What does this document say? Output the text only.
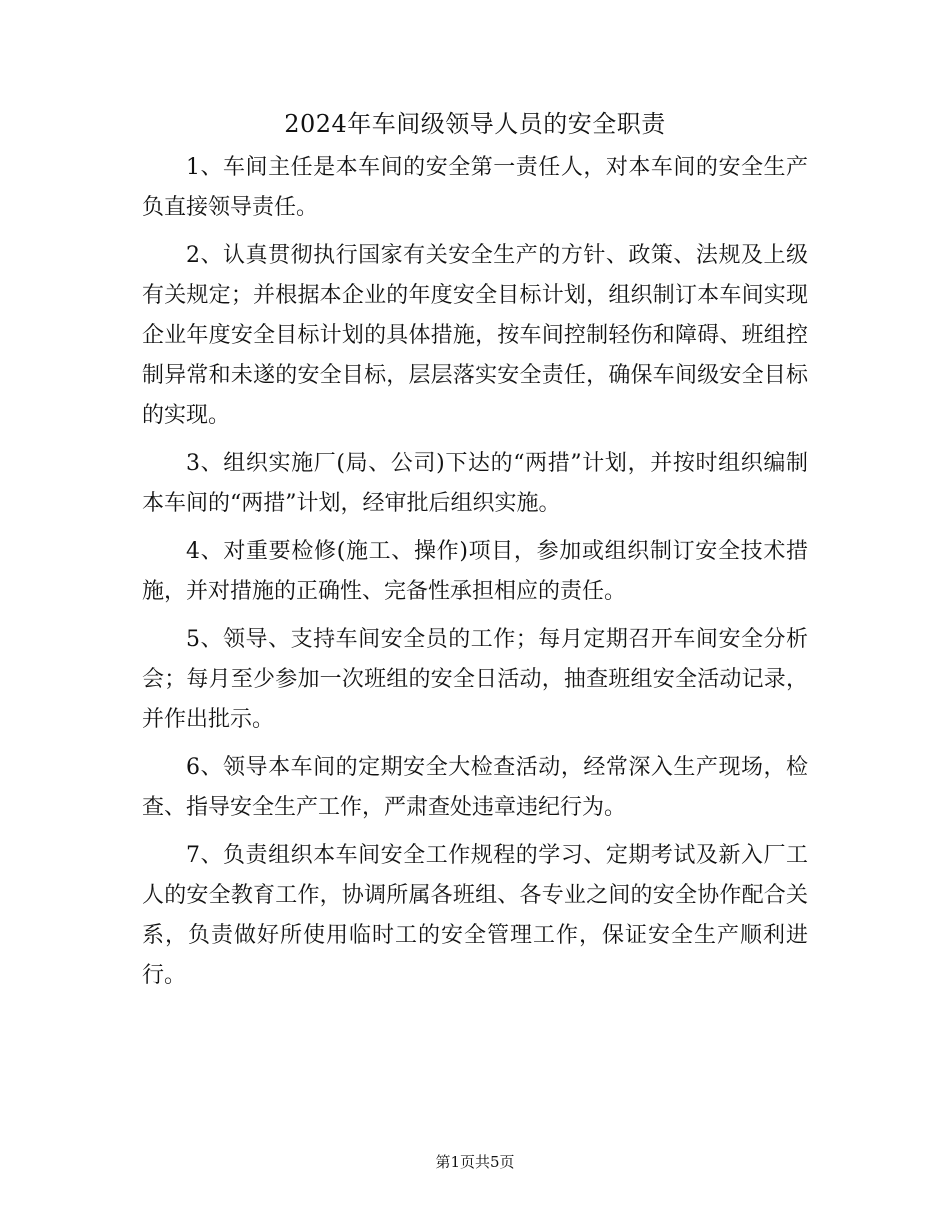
2024年车间级领导人员的安全职责

1、车间主任是本车间的安全第一责任人，对本车间的安全生产负直接领导责任。

2、认真贯彻执行国家有关安全生产的方针、政策、法规及上级有关规定；并根据本企业的年度安全目标计划，组织制订本车间实现企业年度安全目标计划的具体措施，按车间控制轻伤和障碍、班组控制异常和未遂的安全目标，层层落实安全责任，确保车间级安全目标的实现。

3、组织实施厂(局、公司)下达的“两措”计划，并按时组织编制本车间的“两措”计划，经审批后组织实施。

4、对重要检修(施工、操作)项目，参加或组织制订安全技术措施，并对措施的正确性、完备性承担相应的责任。

5、领导、支持车间安全员的工作；每月定期召开车间安全分析会；每月至少参加一次班组的安全日活动，抽查班组安全活动记录，并作出批示。

6、领导本车间的定期安全大检查活动，经常深入生产现场，检查、指导安全生产工作，严肃查处违章违纪行为。

7、负责组织本车间安全工作规程的学习、定期考试及新入厂工人的安全教育工作，协调所属各班组、各专业之间的安全协作配合关系，负责做好所使用临时工的安全管理工作，保证安全生产顺利进行。

第1页共5页
